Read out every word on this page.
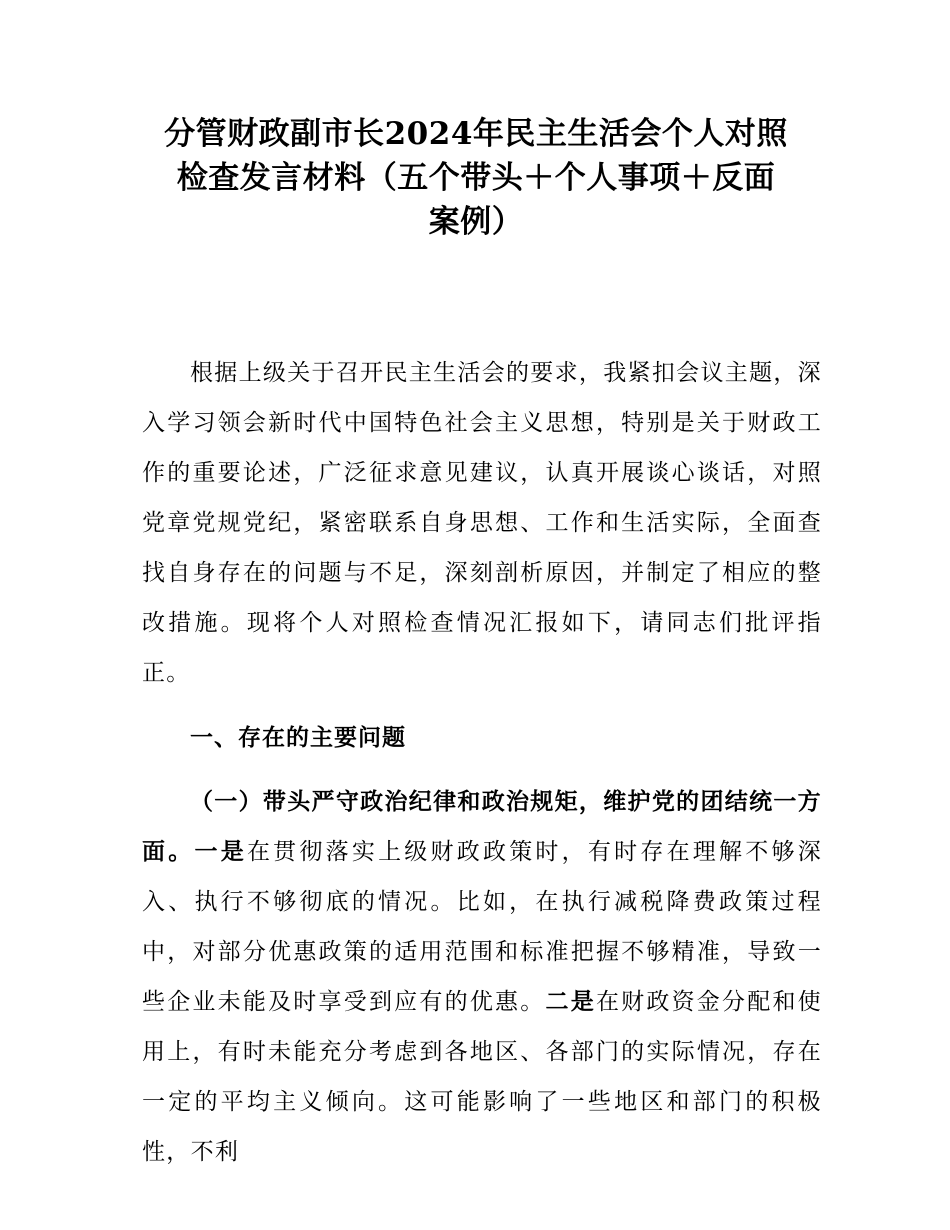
分管财政副市长2024年民主生活会个人对照
检查发言材料（五个带头＋个人事项＋反面
案例）

根据上级关于召开民主生活会的要求，我紧扣会议主题，深入学习领会新时代中国特色社会主义思想，特别是关于财政工作的重要论述，广泛征求意见建议，认真开展谈心谈话，对照党章党规党纪，紧密联系自身思想、工作和生活实际，全面查找自身存在的问题与不足，深刻剖析原因，并制定了相应的整改措施。现将个人对照检查情况汇报如下，请同志们批评指正。

一、存在的主要问题

（一）带头严守政治纪律和政治规矩，维护党的团结统一方面。一是在贯彻落实上级财政政策时，有时存在理解不够深入、执行不够彻底的情况。比如，在执行减税降费政策过程中，对部分优惠政策的适用范围和标准把握不够精准，导致一些企业未能及时享受到应有的优惠。二是在财政资金分配和使用上，有时未能充分考虑到各地区、各部门的实际情况，存在一定的平均主义倾向。这可能影响了一些地区和部门的积极性，不利
